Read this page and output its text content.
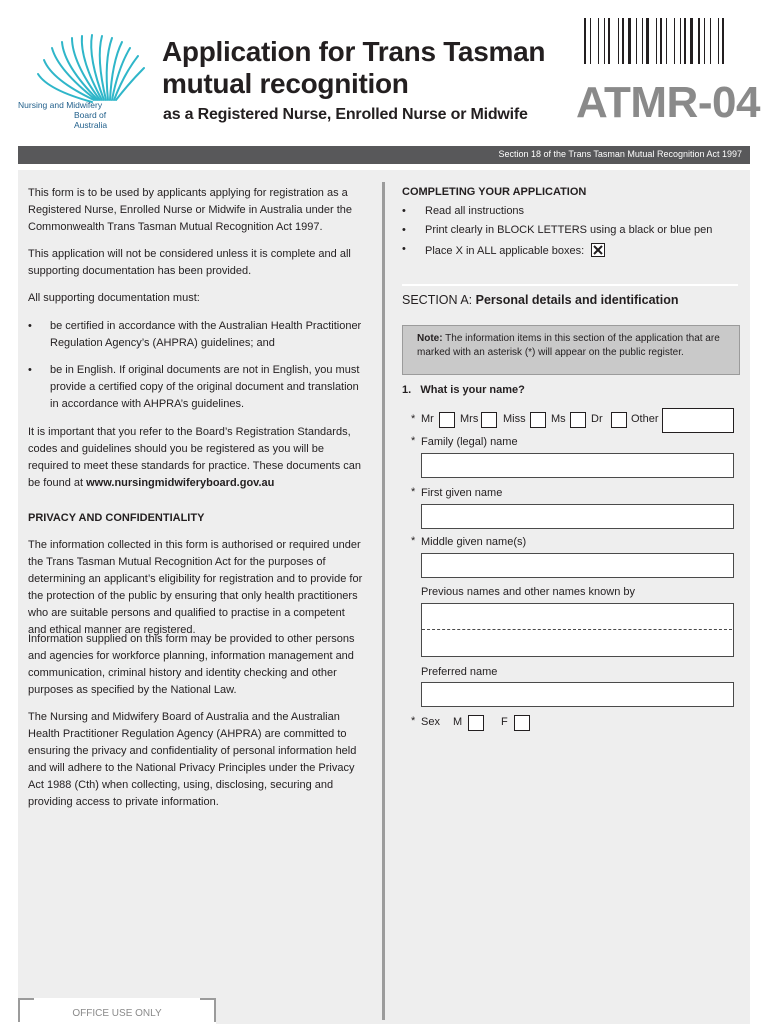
Nursing and Midwifery
Board of
Australia
Application for Trans Tasman
mutual recognition
as a Registered Nurse, Enrolled Nurse or Midwife ATMR-04
Section 18 of the Trans Tasman Mutual Recognition Act 1997

This form is to be used by applicants applying for registration as a Registered Nurse, Enrolled Nurse or Midwife in Australia under the Commonwealth Trans Tasman Mutual Recognition Act 1997.

This application will not be considered unless it is complete and all supporting documentation has been provided.

All supporting documentation must:

• be certified in accordance with the Australian Health Practitioner Regulation Agency’s (AHPRA) guidelines; and
• be in English. If original documents are not in English, you must provide a certified copy of the original document and translation in accordance with AHPRA’s guidelines.
It is important that you refer to the Board’s Registration Standards, codes and guidelines should you be registered as you will be required to meet these standards for practice. These documents can be found at www.nursingmidwiferyboard.gov.au
PRIVACY AND CONFIDENTIALITY

The information collected in this form is authorised or required under the Trans Tasman Mutual Recognition Act for the purposes of determining an applicant’s eligibility for registration and to provide for the protection of the public by ensuring that only health practitioners who are suitable persons and qualified to practise in a competent and ethical manner are registered.

Information supplied on this form may be provided to other persons and agencies for workforce planning, information management and communication, criminal history and identity checking and other purposes as specified by the National Law.

The Nursing and Midwifery Board of Australia and the Australian Health Practitioner Regulation Agency (AHPRA) are committed to ensuring the privacy and confidentiality of personal information held and will adhere to the National Privacy Principles under the Privacy Act 1988 (Cth) when collecting, using, disclosing, securing and providing access to private information.

OFFICE USE ONLY
COMPLETING YOUR APPLICATION
• Read all instructions
• Print clearly in BLOCK LETTERS using a black or blue pen
• Place X in ALL applicable boxes:
SECTION A: Personal details and identification

Note: The information items in this section of the application that are marked with an asterisk (*) will appear on the public register.

1. What is your name?
* Mr Mrs Miss Ms Dr	Other
* Family (legal) name
* First given name
* Middle given name(s)
Previous names and other names known by
Preferred name
* Sex M	F
